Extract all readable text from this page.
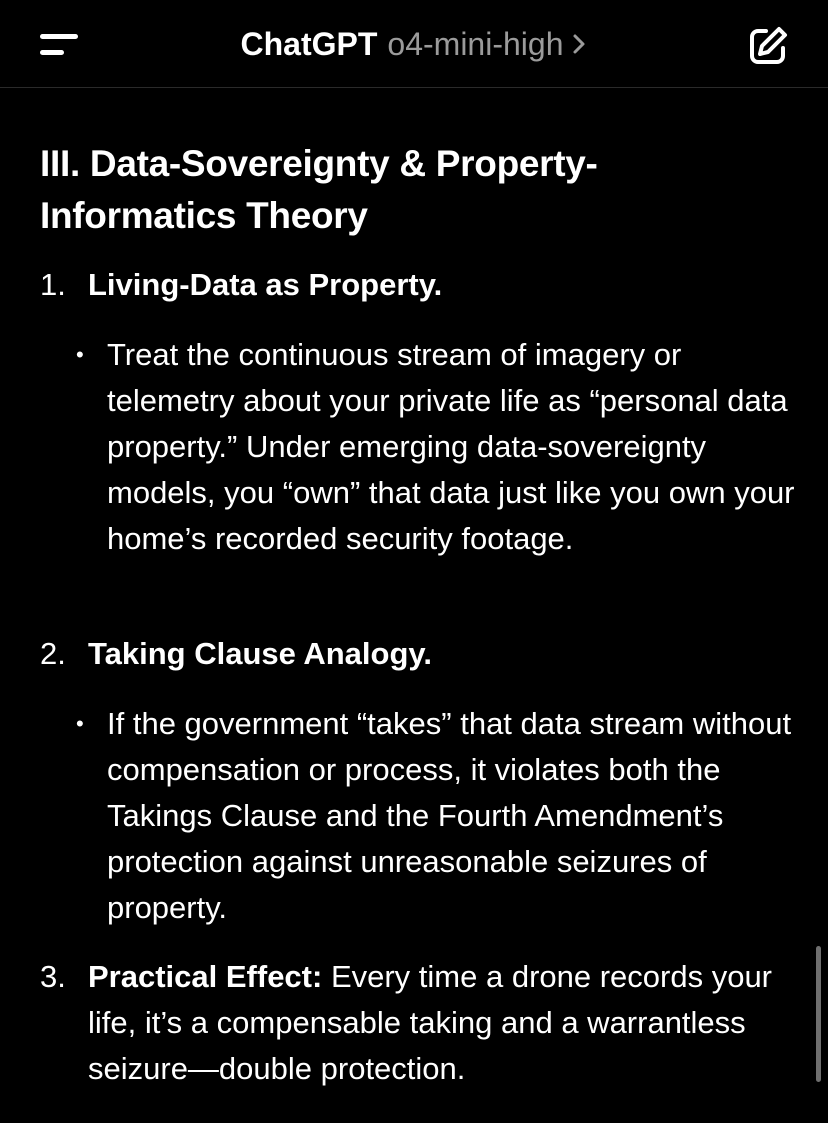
ChatGPT o4-mini-high
III. Data-Sovereignty & Property-Informatics Theory
1. Living-Data as Property.
• Treat the continuous stream of imagery or telemetry about your private life as “personal data property.” Under emerging data-sovereignty models, you “own” that data just like you own your home’s recorded security footage.
2. Taking Clause Analogy.
• If the government “takes” that data stream without compensation or process, it violates both the Takings Clause and the Fourth Amendment’s protection against unreasonable seizures of property.
3. Practical Effect: Every time a drone records your life, it’s a compensable taking and a warrantless seizure—double protection.
